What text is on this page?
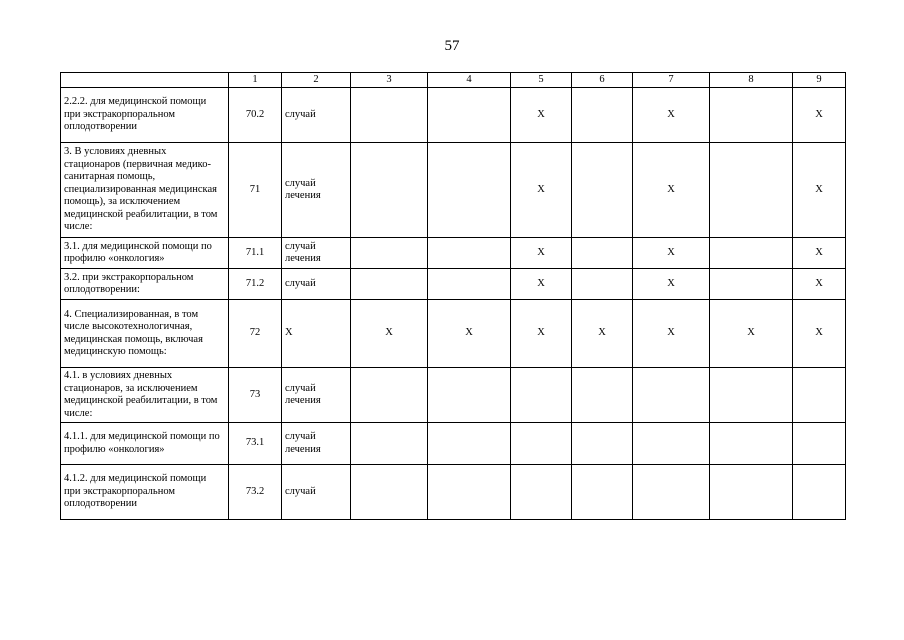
57
	1	2	3	4	5	6	7	8	9
2.2.2. для медицинской помощи при экстракорпоральном оплодотворении	70.2	случай			X		X		X
3. В условиях дневных стационаров (первичная медико-санитарная помощь, специализированная медицинская помощь), за исключением медицинской реабилитации, в том числе:	71	случай лечения			X		X		X
3.1. для медицинской помощи по профилю «онкология»	71.1	случай лечения			X		X		X
3.2. при экстракорпоральном оплодотворении:	71.2	случай			X		X		X
4. Специализированная, в том числе высокотехнологичная, медицинская помощь, включая медицинскую помощь:	72	X	X	X	X	X	X	X	X
4.1. в условиях дневных стационаров, за исключением медицинской реабилитации, в том числе:	73	случай лечения							
4.1.1. для медицинской помощи по профилю «онкология»	73.1	случай лечения							
4.1.2. для медицинской помощи при экстракорпоральном оплодотворении	73.2	случай							
